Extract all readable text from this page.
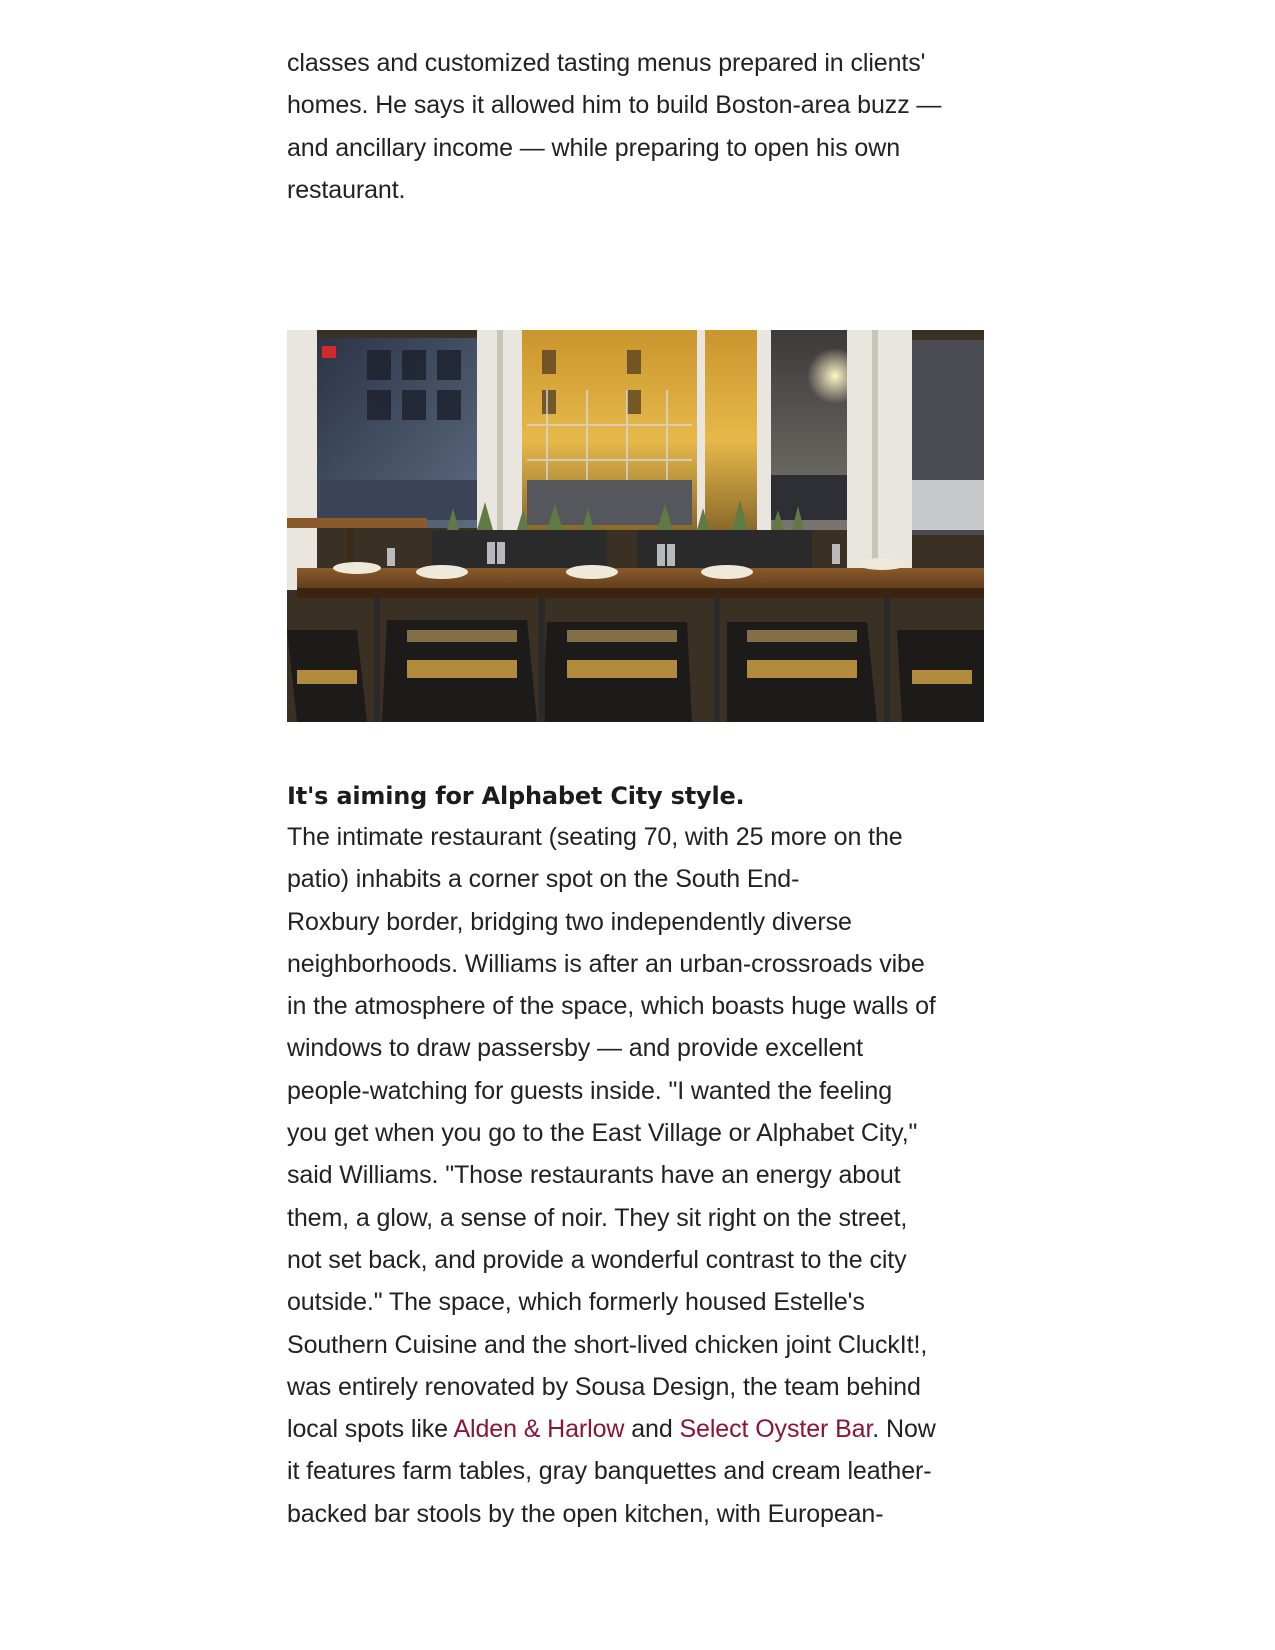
classes and customized tasting menus prepared in clients'
homes. He says it allowed him to build Boston-area buzz —
and ancillary income — while preparing to open his own
restaurant.
It's aiming for Alphabet City style.
The intimate restaurant (seating 70, with 25 more on the
patio) inhabits a corner spot on the South End-
Roxbury border, bridging two independently diverse
neighborhoods. Williams is after an urban-crossroads vibe
in the atmosphere of the space, which boasts huge walls of
windows to draw passersby — and provide excellent
people-watching for guests inside. "I wanted the feeling
you get when you go to the East Village or Alphabet City,"
said Williams. "Those restaurants have an energy about
them, a glow, a sense of noir. They sit right on the street,
not set back, and provide a wonderful contrast to the city
outside." The space, which formerly housed Estelle's
Southern Cuisine and the short-lived chicken joint CluckIt!,
was entirely renovated by Sousa Design, the team behind
local spots like Alden & Harlow and Select Oyster Bar. Now
it features farm tables, gray banquettes and cream leather-
backed bar stools by the open kitchen, with European-
